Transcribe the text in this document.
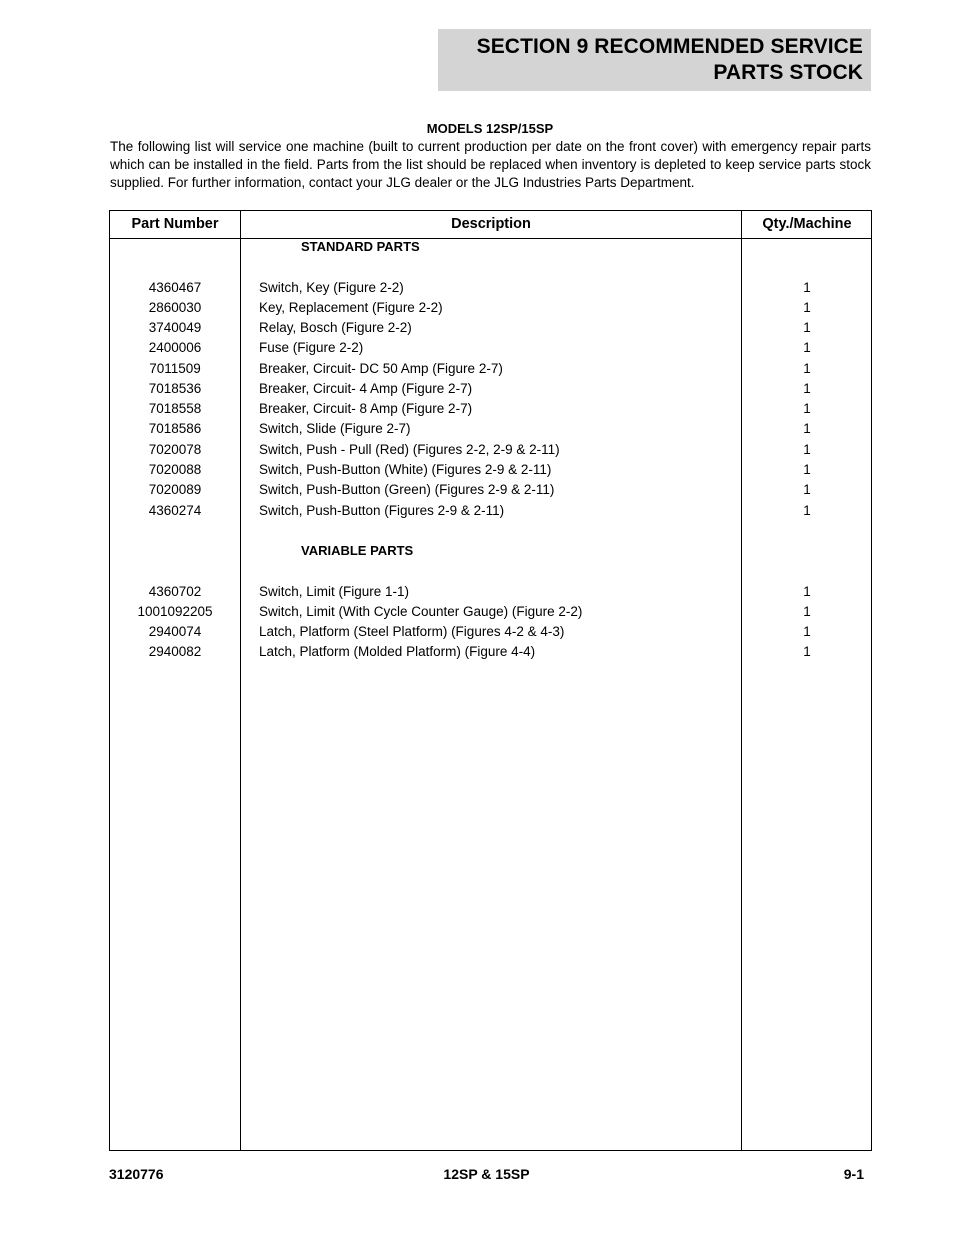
SECTION 9 RECOMMENDED SERVICE
PARTS STOCK
MODELS 12SP/15SP

The following list will service one machine (built to current production per date on the front cover) with emergency repair parts which can be installed in the field. Parts from the list should be replaced when inventory is depleted to keep service parts stock supplied. For further information, contact your JLG dealer or the JLG Industries Parts Department.

Part Number	Description	Qty./Machine
STANDARD PARTS
4360467	Switch, Key (Figure 2-2)	1
2860030	Key, Replacement (Figure 2-2)	1
3740049	Relay, Bosch (Figure 2-2)	1
2400006	Fuse (Figure 2-2)	1
7011509	Breaker, Circuit- DC 50 Amp (Figure 2-7)	1
7018536	Breaker, Circuit- 4 Amp (Figure 2-7)	1
7018558	Breaker, Circuit- 8 Amp (Figure 2-7)	1
7018586	Switch, Slide (Figure 2-7)	1
7020078	Switch, Push - Pull (Red) (Figures 2-2, 2-9 & 2-11)	1
7020088	Switch, Push-Button (White) (Figures 2-9 & 2-11)	1
7020089	Switch, Push-Button (Green) (Figures 2-9 & 2-11)	1
4360274	Switch, Push-Button (Figures 2-9 & 2-11)	1
VARIABLE PARTS
4360702	Switch, Limit (Figure 1-1)	1
1001092205	Switch, Limit (With Cycle Counter Gauge) (Figure 2-2)	1
2940074	Latch, Platform (Steel Platform) (Figures 4-2 & 4-3)	1
2940082	Latch, Platform (Molded Platform) (Figure 4-4)	1
3120776	12SP & 15SP	9-1
